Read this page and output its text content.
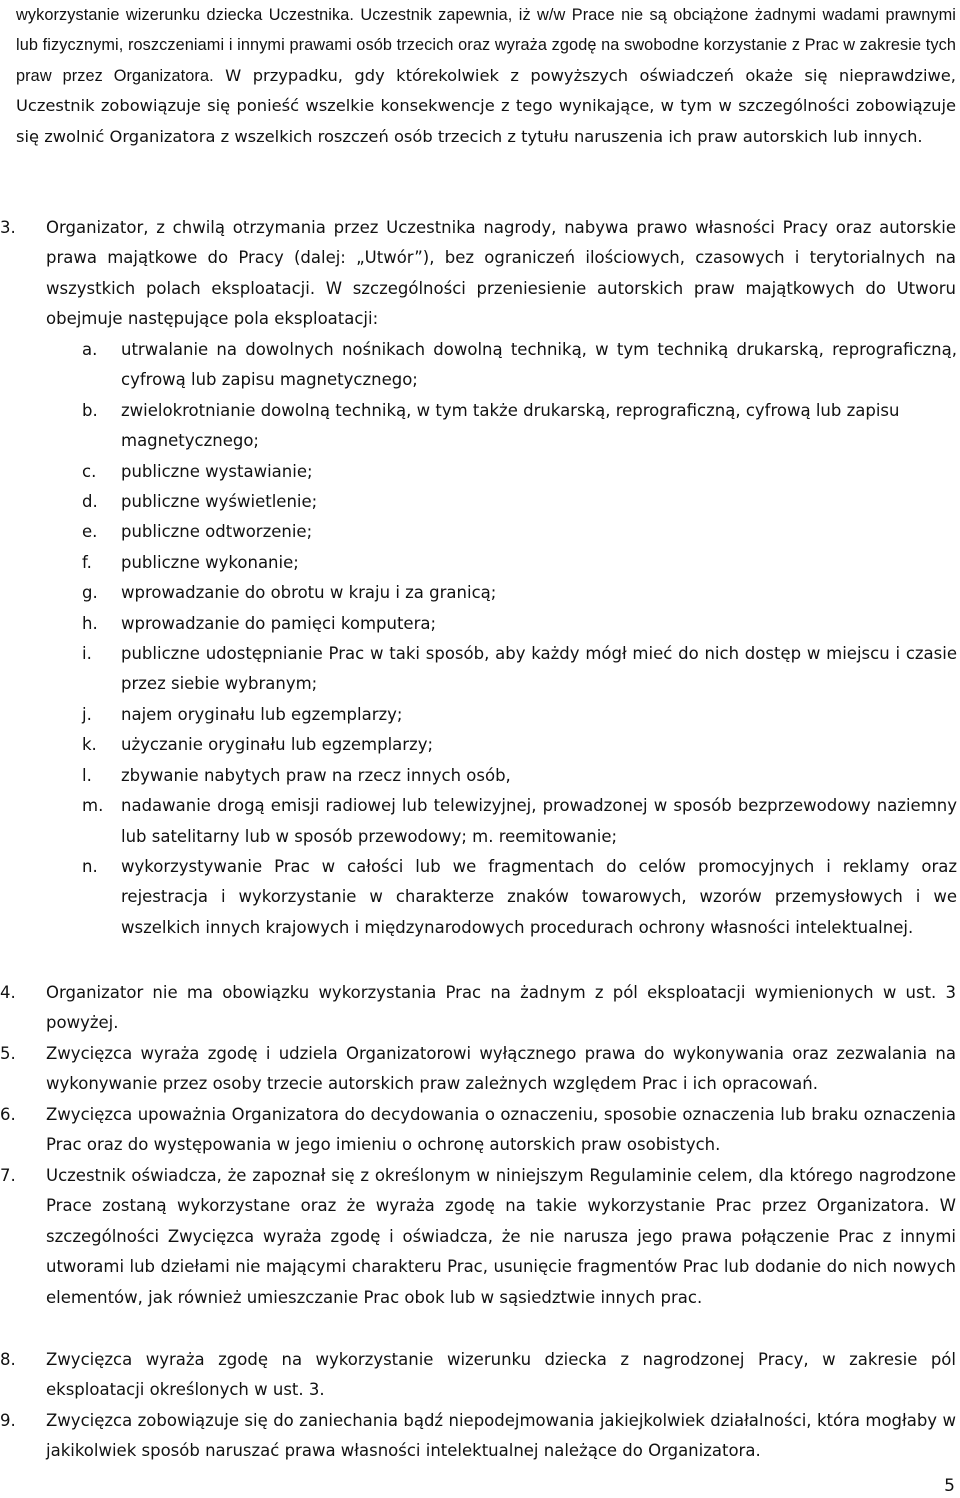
wykorzystanie wizerunku dziecka Uczestnika. Uczestnik zapewnia, iż w/w Prace nie są obciążone żadnymi wadami prawnymi lub fizycznymi, roszczeniami i innymi prawami osób trzecich oraz wyraża zgodę na swobodne korzystanie z Prac w zakresie tych praw przez Organizatora. W przypadku, gdy którekolwiek z powyższych oświadczeń okaże się nieprawdziwe, Uczestnik zobowiązuje się ponieść wszelkie konsekwencje z tego wynikające, w tym w szczególności zobowiązuje się zwolnić Organizatora z wszelkich roszczeń osób trzecich z tytułu naruszenia ich praw autorskich lub innych.

3.	Organizator, z chwilą otrzymania przez Uczestnika nagrody, nabywa prawo własności Pracy oraz autorskie prawa majątkowe do Pracy (dalej: „Utwór”), bez ograniczeń ilościowych, czasowych i terytorialnych na wszystkich polach eksploatacji. W szczególności przeniesienie autorskich praw majątkowych do Utworu obejmuje następujące pola eksploatacji:

a.	utrwalanie na dowolnych nośnikach dowolną techniką, w tym techniką drukarską, reprograficzną, cyfrową lub zapisu magnetycznego;
b.	zwielokrotnianie dowolną techniką, w tym także drukarską, reprograficzną, cyfrową lub zapisu magnetycznego;
c.	publiczne wystawianie;
d.	publiczne wyświetlenie;
e.	publiczne odtworzenie;
f.	publiczne wykonanie;
g.	wprowadzanie do obrotu w kraju i za granicą;
h.	wprowadzanie do pamięci komputera;
i.	publiczne udostępnianie Prac w taki sposób, aby każdy mógł mieć do nich dostęp w miejscu i czasie przez siebie wybranym;
j.	najem oryginału lub egzemplarzy;
k.	użyczanie oryginału lub egzemplarzy;
l.	zbywanie nabytych praw na rzecz innych osób,
m.	nadawanie drogą emisji radiowej lub telewizyjnej, prowadzonej w sposób bezprzewodowy naziemny lub satelitarny lub w sposób przewodowy; m. reemitowanie;
n.	wykorzystywanie Prac w całości lub we fragmentach do celów promocyjnych i reklamy oraz rejestracja i wykorzystanie w charakterze znaków towarowych, wzorów przemysłowych i we wszelkich innych krajowych i międzynarodowych procedurach ochrony własności intelektualnej.
4.	Organizator nie ma obowiązku wykorzystania Prac na żadnym z pól eksploatacji wymienionych w ust. 3 powyżej.

5.	Zwycięzca wyraża zgodę i udziela Organizatorowi wyłącznego prawa do wykonywania oraz zezwalania na wykonywanie przez osoby trzecie autorskich praw zależnych względem Prac i ich opracowań.

6.	Zwycięzca upoważnia Organizatora do decydowania o oznaczeniu, sposobie oznaczenia lub braku oznaczenia Prac oraz do występowania w jego imieniu o ochronę autorskich praw osobistych.

7.	Uczestnik oświadcza, że zapoznał się z określonym w niniejszym Regulaminie celem, dla którego nagrodzone Prace zostaną wykorzystane oraz że wyraża zgodę na takie wykorzystanie Prac przez Organizatora. W szczególności Zwycięzca wyraża zgodę i oświadcza, że nie narusza jego prawa połączenie Prac z innymi utworami lub dziełami nie mającymi charakteru Prac, usunięcie fragmentów Prac lub dodanie do nich nowych elementów, jak również umieszczanie Prac obok lub w sąsiedztwie innych prac.

8.	Zwycięzca wyraża zgodę na wykorzystanie wizerunku dziecka z nagrodzonej Pracy, w zakresie pól eksploatacji określonych w ust. 3.

9.	Zwycięzca zobowiązuje się do zaniechania bądź niepodejmowania jakiejkolwiek działalności, która mogłaby w jakikolwiek sposób naruszać prawa własności intelektualnej należące do Organizatora.

5
